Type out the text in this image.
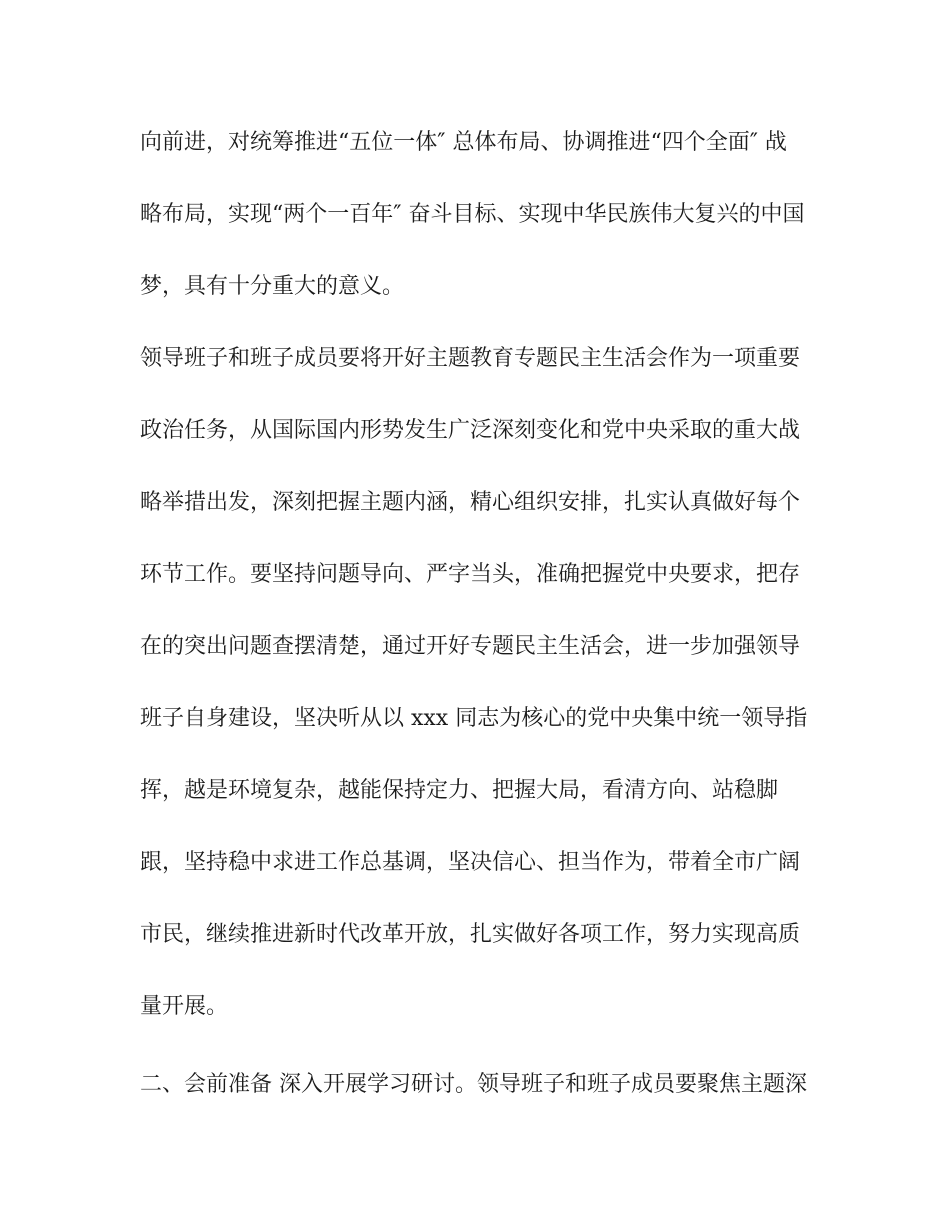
向前进，对统筹推进“五位一体″ 总体布局、协调推进“四个全面″ 战
略布局，实现“两个一百年″ 奋斗目标、实现中华民族伟大复兴的中国
梦，具有十分重大的意义。
领导班子和班子成员要将开好主题教育专题民主生活会作为一项重要
政治任务，从国际国内形势发生广泛深刻变化和党中央采取的重大战
略举措出发，深刻把握主题内涵，精心组织安排，扎实认真做好每个
环节工作。要坚持问题导向、严字当头，准确把握党中央要求，把存
在的突出问题查摆清楚，通过开好专题民主生活会，进一步加强领导
班子自身建设，坚决听从以 xxx 同志为核心的党中央集中统一领导指
挥，越是环境复杂，越能保持定力、把握大局，看清方向、站稳脚
跟，坚持稳中求进工作总基调，坚决信心、担当作为，带着全市广阔
市民，继续推进新时代改革开放，扎实做好各项工作，努力实现高质
量开展。
二、会前准备 深入开展学习研讨。领导班子和班子成员要聚焦主题深
